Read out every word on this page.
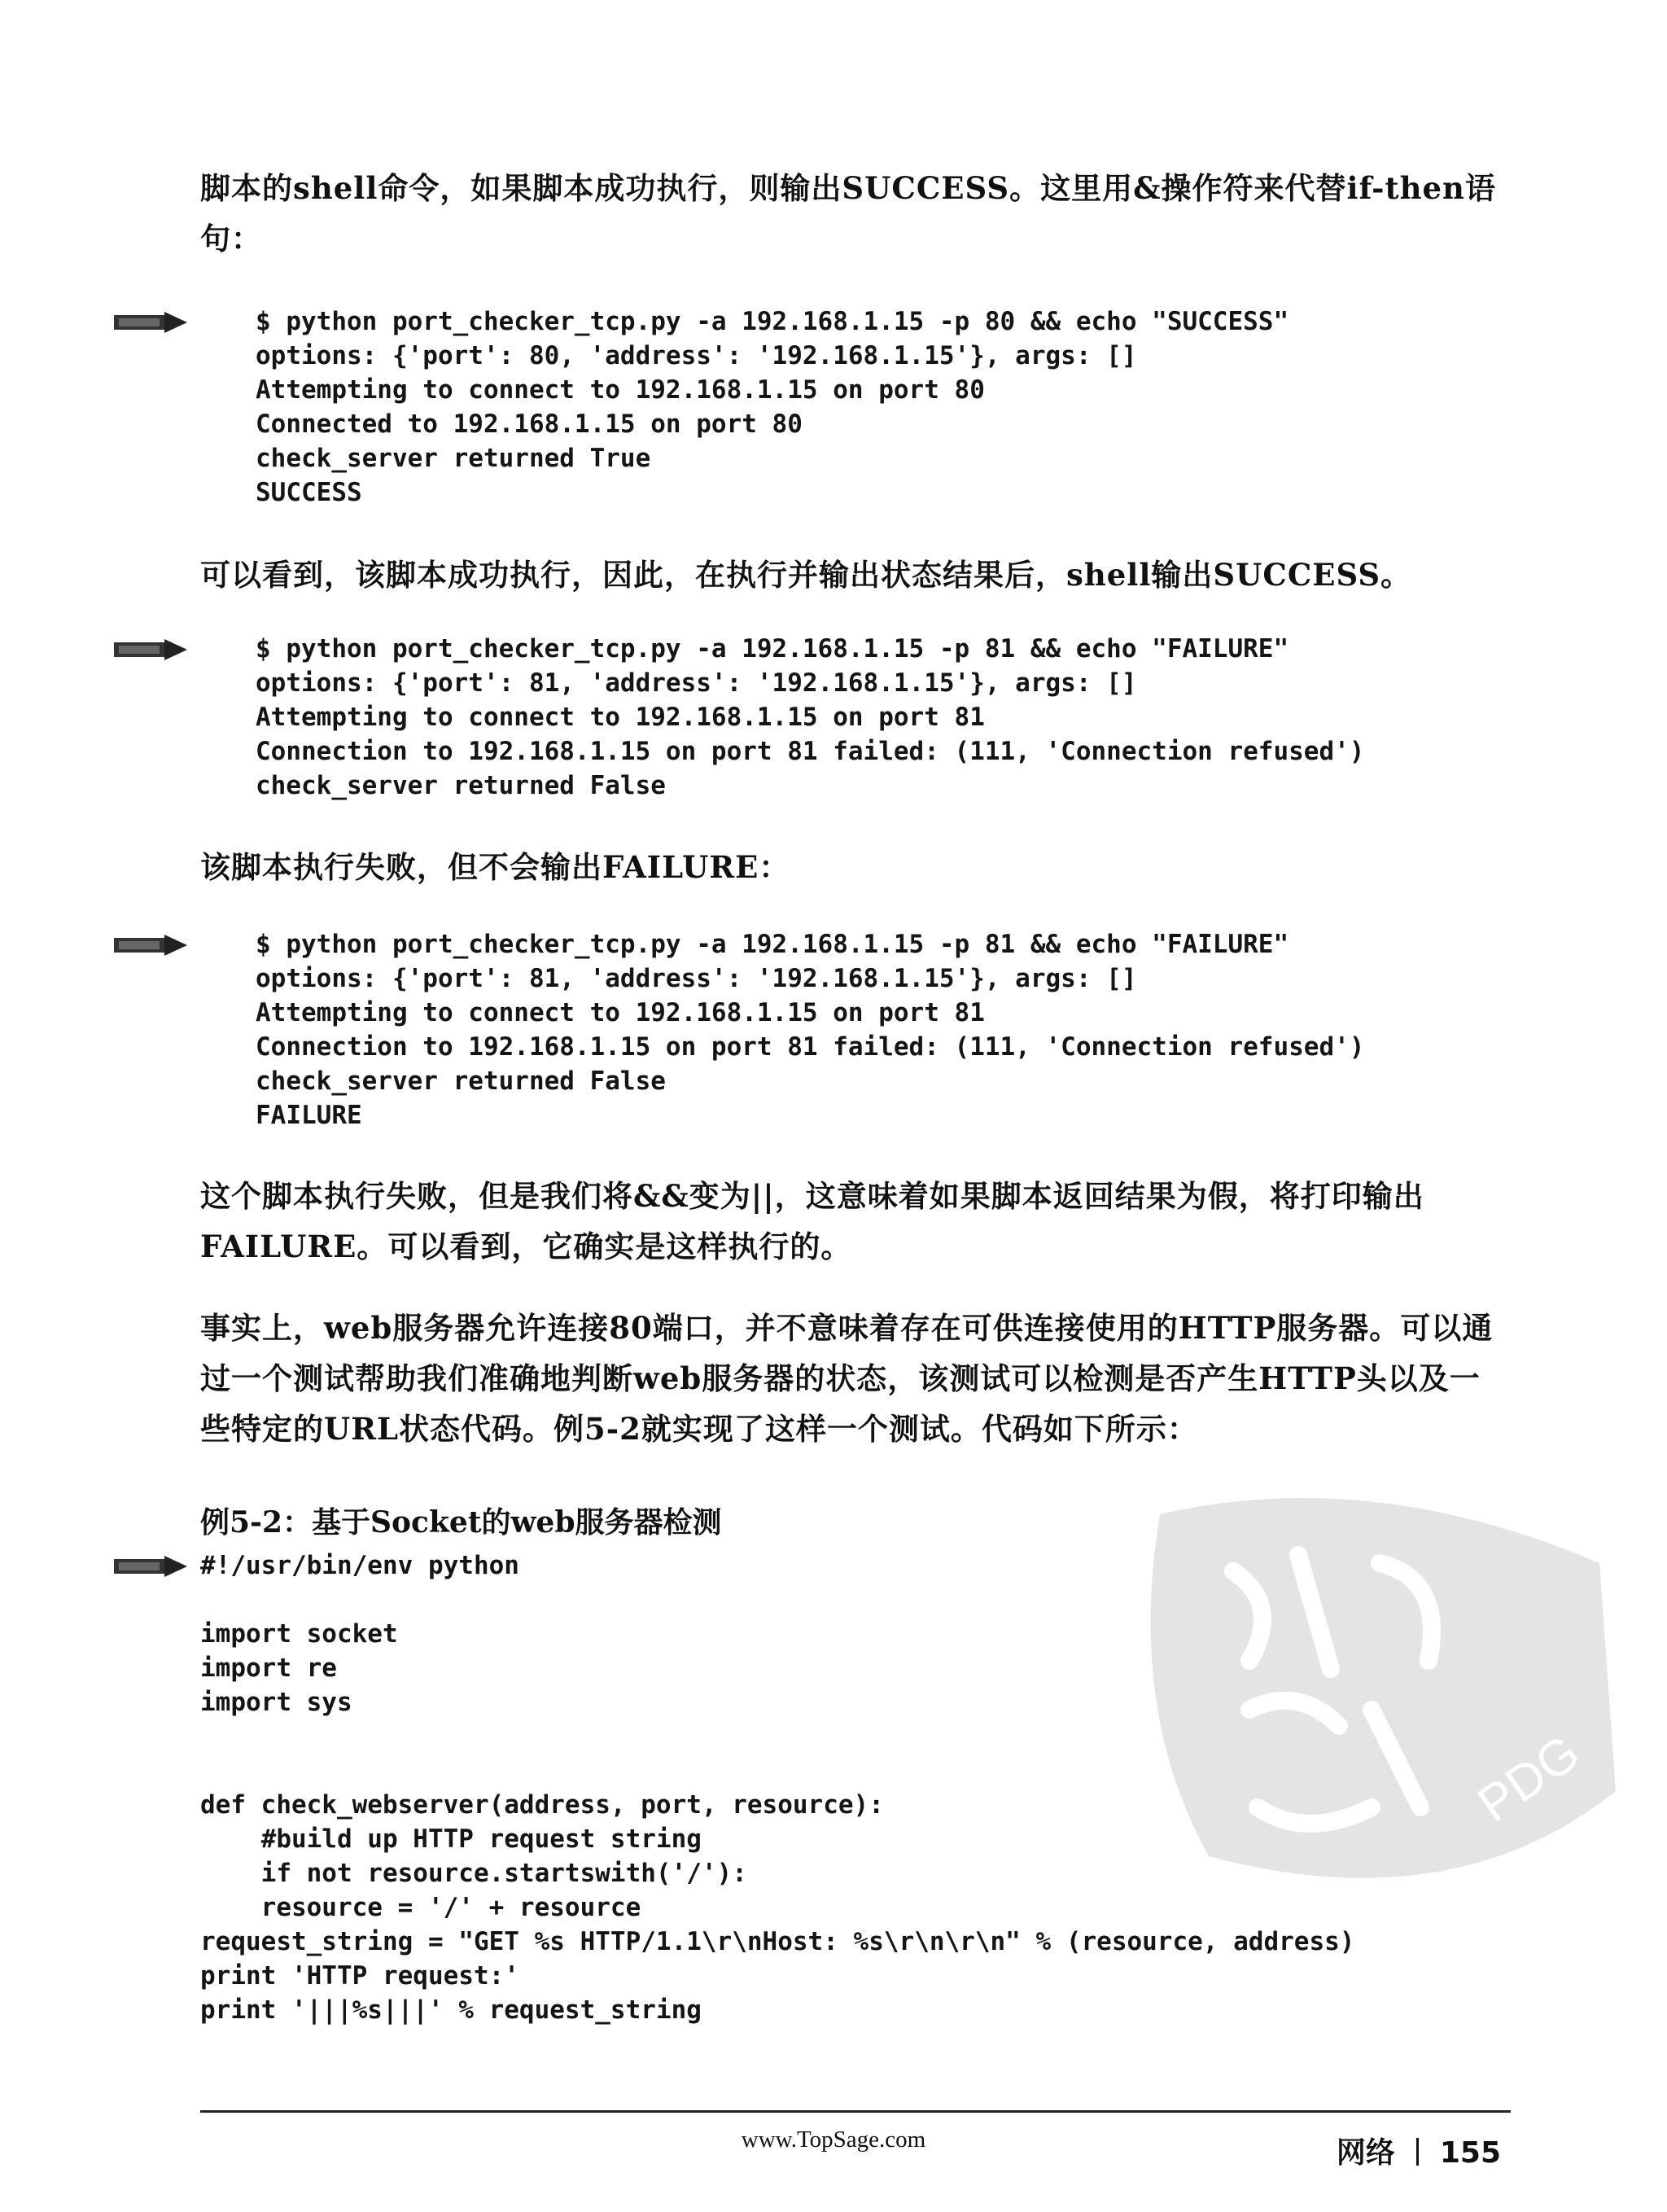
脚本的shell命令，如果脚本成功执行，则输出SUCCESS。这里用&操作符来代替if-then语句：
$ python port_checker_tcp.py -a 192.168.1.15 -p 80 && echo "SUCCESS"
options: {'port': 80, 'address': '192.168.1.15'}, args: []
Attempting to connect to 192.168.1.15 on port 80
Connected to 192.168.1.15 on port 80
check_server returned True
SUCCESS
可以看到，该脚本成功执行，因此，在执行并输出状态结果后，shell输出SUCCESS。
$ python port_checker_tcp.py -a 192.168.1.15 -p 81 && echo "FAILURE"
options: {'port': 81, 'address': '192.168.1.15'}, args: []
Attempting to connect to 192.168.1.15 on port 81
Connection to 192.168.1.15 on port 81 failed: (111, 'Connection refused')
check_server returned False
该脚本执行失败，但不会输出FAILURE：
$ python port_checker_tcp.py -a 192.168.1.15 -p 81 && echo "FAILURE"
options: {'port': 81, 'address': '192.168.1.15'}, args: []
Attempting to connect to 192.168.1.15 on port 81
Connection to 192.168.1.15 on port 81 failed: (111, 'Connection refused')
check_server returned False
FAILURE
这个脚本执行失败，但是我们将&&变为||，这意味着如果脚本返回结果为假，将打印输出FAILURE。可以看到，它确实是这样执行的。
事实上，web服务器允许连接80端口，并不意味着存在可供连接使用的HTTP服务器。可以通过一个测试帮助我们准确地判断web服务器的状态，该测试可以检测是否产生HTTP头以及一些特定的URL状态代码。例5-2就实现了这样一个测试。代码如下所示：
例5-2：基于Socket的web服务器检测
#!/usr/bin/env python

import socket
import re
import sys

def check_webserver(address, port, resource):
#build up HTTP request string
if not resource.startswith('/'):
resource = '/' + resource
request_string = "GET %s HTTP/1.1\r\nHost: %s\r\n\r\n" % (resource, address)
print 'HTTP request:'
print '|||%s|||' % request_string
PDG
www.TopSage.com	网络 155
